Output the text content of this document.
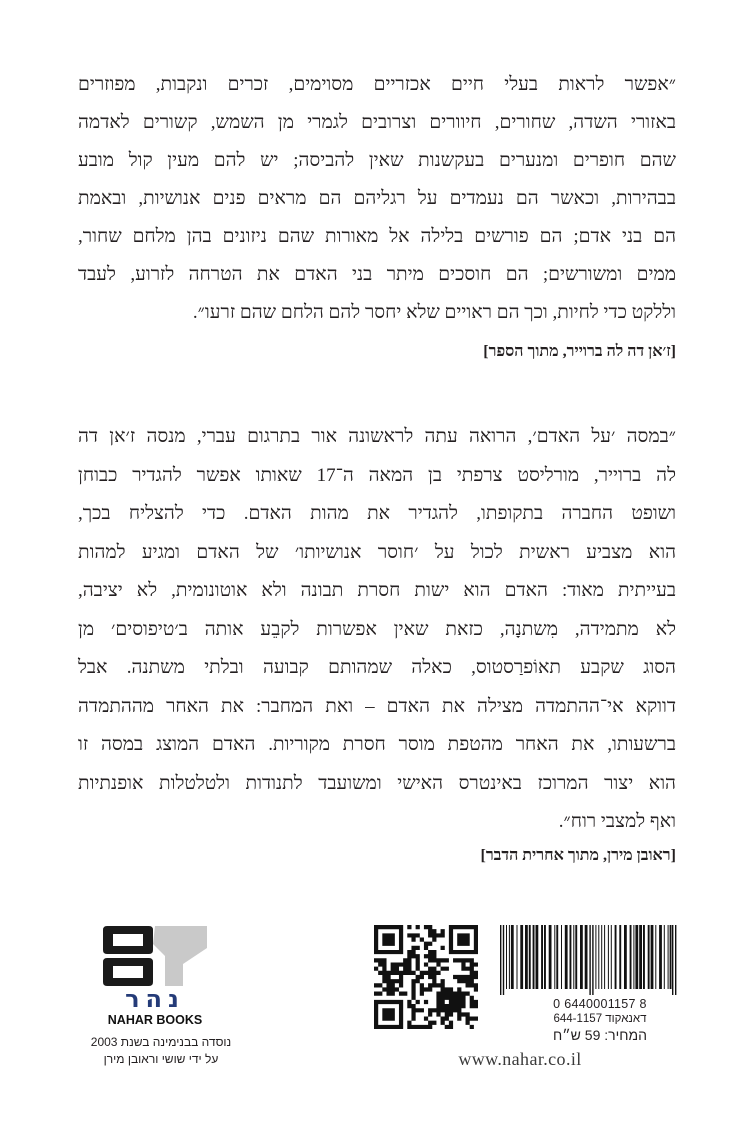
״אפשר לראות בעלי חיים אכזריים מסוימים, זכרים ונקבות, מפוזרים
באזורי השדה, שחורים, חיוורים וצרובים לגמרי מן השמש, קשורים לאדמה
שהם חופרים ומנערים בעקשנות שאין להביסה; יש להם מעין קול מובע
בבהירות, וכאשר הם נעמדים על רגליהם הם מראים פנים אנושיות, ובאמת
הם בני אדם; הם פורשים בלילה אל מאורות שהם ניזונים בהן מלחם שחור,
ממים ומשורשים; הם חוסכים מיתר בני האדם את הטרחה לזרוע, לעבד
וללקט כדי לחיות, וכך הם ראויים שלא יחסר להם הלחם שהם זרעו״.
[ז׳אן דה לה ברוייר, מתוך הספר]
״במסה ׳על האדם׳, הרואה עתה לראשונה אור בתרגום עברי, מנסה ז׳אן דה
לה ברוייר, מורליסט צרפתי בן המאה ה־17 שאותו אפשר להגדיר כבוחן
ושופט החברה בתקופתו, להגדיר את מהות האדם. כדי להצליח בכך,
הוא מצביע ראשית לכול על ׳חוסר אנושיותו׳ של האדם ומגיע למהות
בעייתית מאוד: האדם הוא ישות חסרת תבונה ולא אוטונומית, לא יציבה,
לא מתמידה, מִשתנָה, כזאת שאין אפשרות לקבֵע אותה ב׳טיפוסים׳ מן
הסוג שקבע תאוֹפרַסטוס, כאלה שמהותם קבועה ובלתי משתנה. אבל
דווקא אי־ההתמדה מצילה את האדם – ואת המחבר: את האחר מההתמדה
ברשעותו, את האחר מהטפת מוסר חסרת מקוריות. האדם המוצג במסה זו
הוא יצור המרוכז באינטרס האישי ומשועבד לתנודות ולטלטלות אופנתיות
ואף למצבי רוח״.
[ראובן מירן, מתוך אחרית הדבר]
נהר
NAHAR BOOKS
נוסדה בבנימינה בשנת 2003
על ידי שושי וראובן מירן
0 6440001157 8
דאנאקוד 644-1157
המחיר: 59 ש״ח
www.nahar.co.il
